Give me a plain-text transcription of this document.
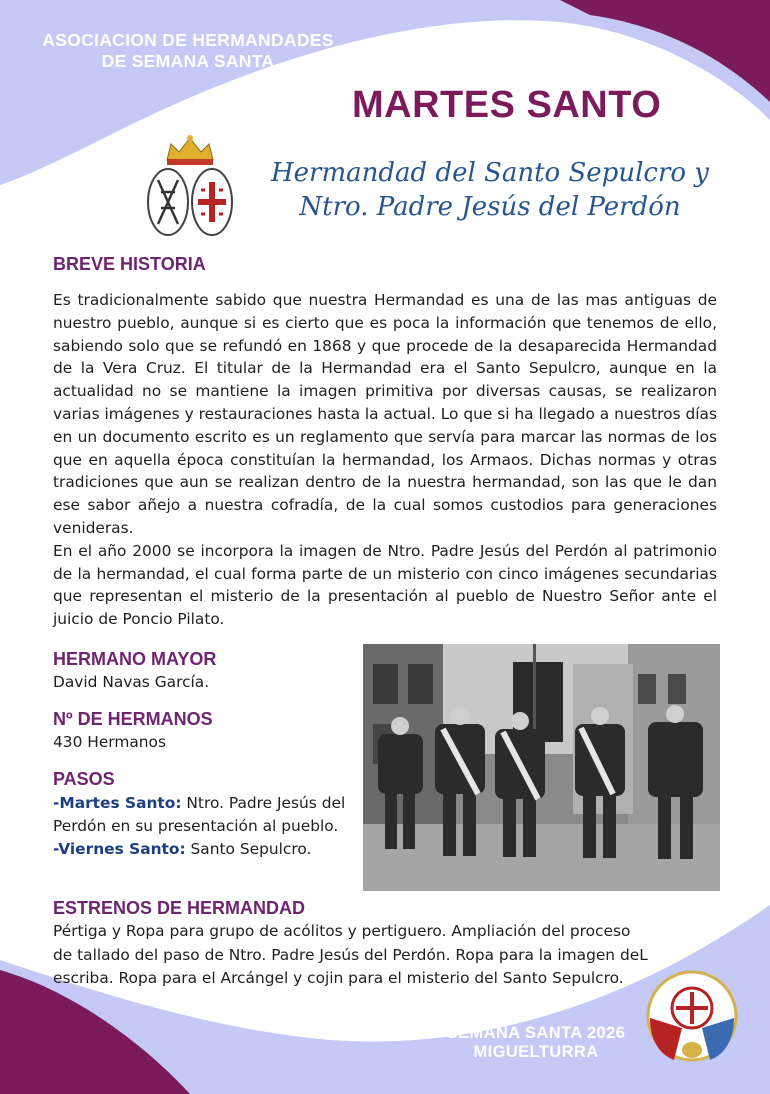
ASOCIACION DE HERMANDADES
DE SEMANA SANTA
MARTES SANTO
Hermandad del Santo Sepulcro y
Ntro. Padre Jesús del Perdón
BREVE HISTORIA

Es tradicionalmente sabido que nuestra Hermandad es una de las mas antiguas de nuestro pueblo, aunque si es cierto que es poca la información que tenemos de ello, sabiendo solo que se refundó en 1868 y que procede de la desaparecida Hermandad de la Vera Cruz. El titular de la Hermandad era el Santo Sepulcro, aunque en la actualidad no se mantiene la imagen primitiva por diversas causas, se realizaron varias imágenes y restauraciones hasta la actual. Lo que si ha llegado a nuestros días en un documento escrito es un reglamento que servía para marcar las normas de los que en aquella época constituían la hermandad, los Armaos. Dichas normas y otras tradiciones que aun se realizan dentro de la nuestra hermandad, son las que le dan ese sabor añejo a nuestra cofradía, de la cual somos custodios para generaciones venideras.

En el año 2000 se incorpora la imagen de Ntro. Padre Jesús del Perdón al patrimonio de la hermandad, el cual forma parte de un misterio con cinco imágenes secundarias que representan el misterio de la presentación al pueblo de Nuestro Señor ante el juicio de Poncio Pilato.

HERMANO MAYOR
David Navas García.
Nº DE HERMANOS
430 Hermanos
PASOS
-Martes Santo: Ntro. Padre Jesús del Perdón en su presentación al pueblo.
-Viernes Santo: Santo Sepulcro.
ESTRENOS DE HERMANDAD
Pértiga y Ropa para grupo de acólitos y pertiguero. Ampliación del proceso de tallado del paso de Ntro. Padre Jesús del Perdón. Ropa para la imagen deL escriba. Ropa para el Arcángel y cojin para el misterio del Santo Sepulcro.
SEMANA SANTA 2026
MIGUELTURRA
